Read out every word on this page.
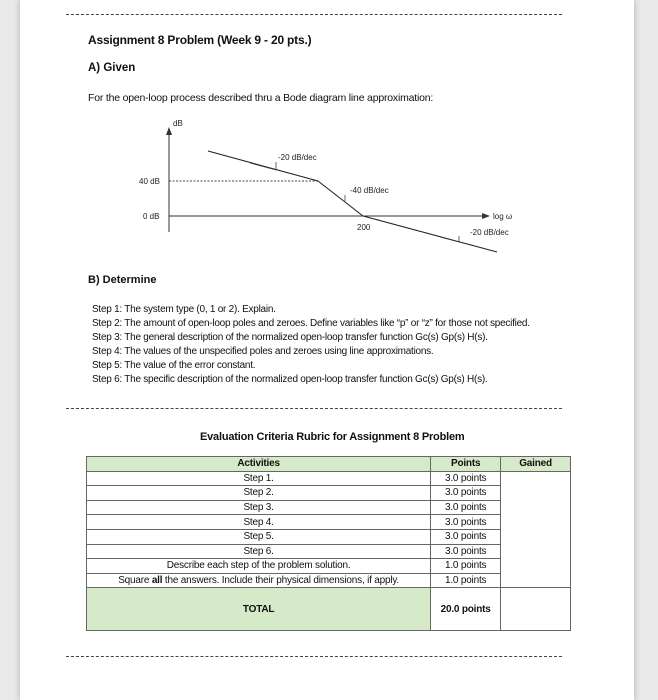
Assignment 8 Problem (Week 9 - 20 pts.)
A) Given
For the open-loop process described thru a Bode diagram line approximation:
dB
log ω
40 dB
0 dB
-20 dB/dec
-40 dB/dec
200
-20 dB/dec
B) Determine
Step 1: The system type (0, 1 or 2). Explain.
Step 2: The amount of open-loop poles and zeroes. Define variables like “p” or “z” for those not specified.
Step 3: The general description of the normalized open-loop transfer function Gc(s) Gp(s) H(s).
Step 4: The values of the unspecified poles and zeroes using line approximations.
Step 5: The value of the error constant.
Step 6: The specific description of the normalized open-loop transfer function Gc(s) Gp(s) H(s).
Evaluation Criteria Rubric for Assignment 8 Problem
Activities	Points	Gained
Step 1.	3.0 points	
Step 2.	3.0 points	
Step 3.	3.0 points	
Step 4.	3.0 points	
Step 5.	3.0 points	
Step 6.	3.0 points	
Describe each step of the problem solution.	1.0 points	
Square all the answers. Include their physical dimensions, if apply.	1.0 points	
TOTAL	20.0 points	
